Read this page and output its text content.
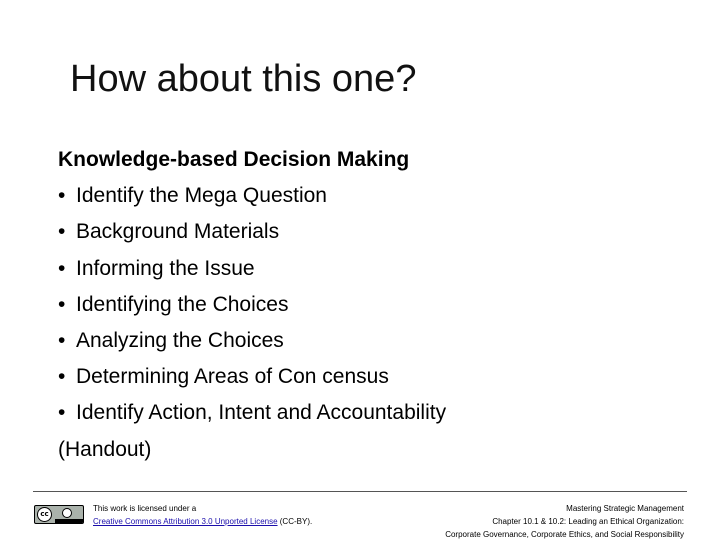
How about this one?
Knowledge-based Decision Making
• Identify the Mega Question
• Background Materials
• Informing the Issue
• Identifying the Choices
• Analyzing the Choices
• Determining Areas of Con census
• Identify Action, Intent and Accountability
(Handout)
cc
This work is licensed under a
Creative Commons Attribution 3.0 Unported License (CC-BY).
Mastering Strategic Management
Chapter 10.1 & 10.2: Leading an Ethical Organization:
Corporate Governance, Corporate Ethics, and Social Responsibility
